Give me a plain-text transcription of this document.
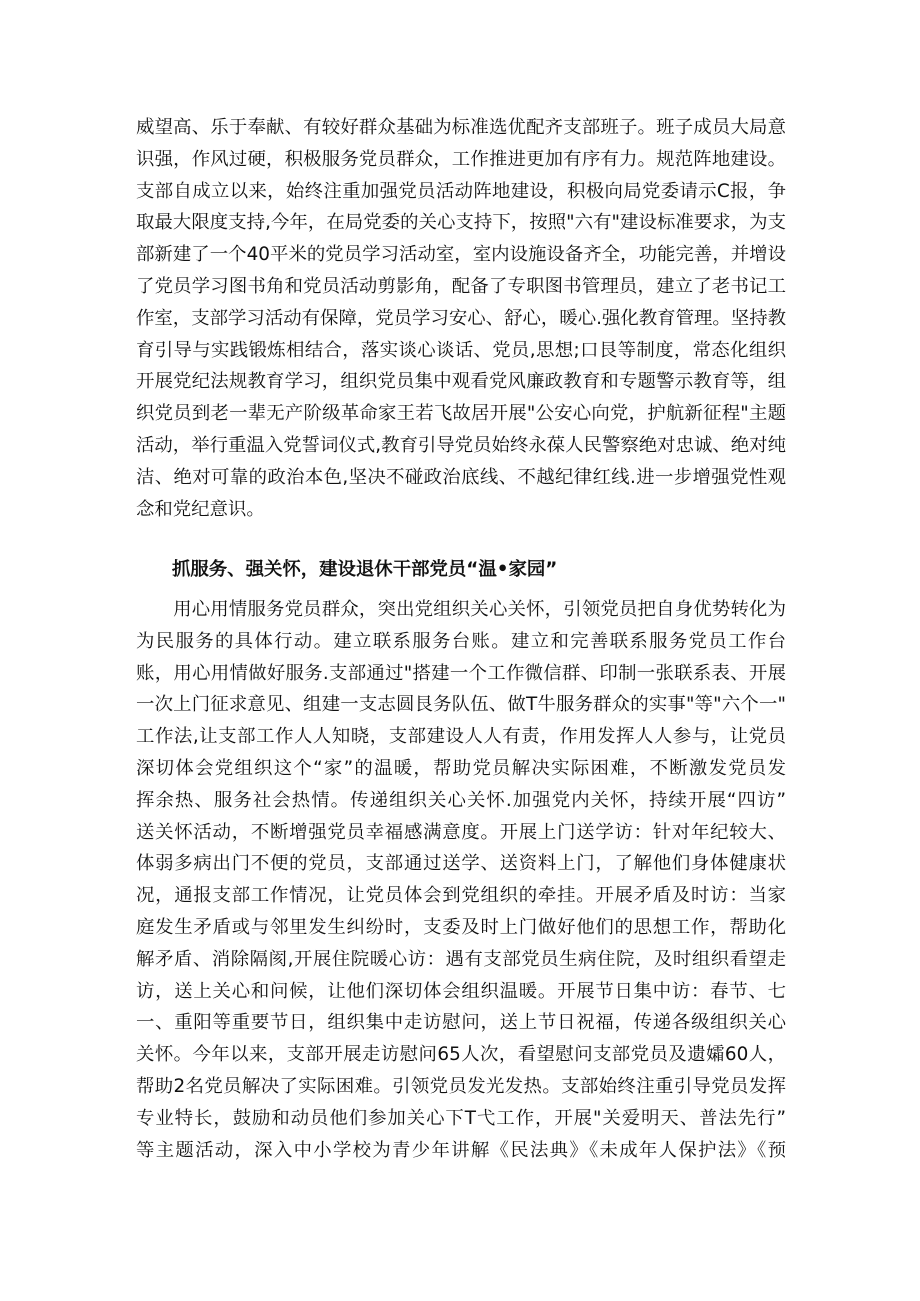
威望高、乐于奉献、有较好群众基础为标准选优配齐支部班子。班子成员大局意
识强，作风过硬，积极服务党员群众，工作推进更加有序有力。规范阵地建设。
支部自成立以来，始终注重加强党员活动阵地建设，积极向局党委请示C报，争
取最大限度支持,今年，在局党委的关心支持下，按照"六有"建设标准要求，为支
部新建了一个40平米的党员学习活动室，室内设施设备齐全，功能完善，并增设
了党员学习图书角和党员活动剪影角，配备了专职图书管理员，建立了老书记工
作室，支部学习活动有保障，党员学习安心、舒心，暖心.强化教育管理。坚持教
育引导与实践锻炼相结合，落实谈心谈话、党员,思想;口艮等制度，常态化组织
开展党纪法规教育学习，组织党员集中观看党风廉政教育和专题警示教育等，组
织党员到老一辈无产阶级革命家王若飞故居开展"公安心向党，护航新征程"主题
活动，举行重温入党誓词仪式,教育引导党员始终永葆人民警察绝对忠诚、绝对纯
洁、绝对可靠的政治本色,坚决不碰政治底线、不越纪律红线.进一步增强党性观
念和党纪意识。
抓服务、强关怀，建设退休干部党员“温•家园”
　　用心用情服务党员群众，突出党组织关心关怀，引领党员把自身优势转化为
为民服务的具体行动。建立联系服务台账。建立和完善联系服务党员工作台
账，用心用情做好服务.支部通过"搭建一个工作微信群、印制一张联系表、开展
一次上门征求意见、组建一支志圆艮务队伍、做T牛服务群众的实事"等"六个一"
工作法,让支部工作人人知晓，支部建设人人有责，作用发挥人人参与，让党员
深切体会党组织这个“家”的温暖，帮助党员解决实际困难，不断激发党员发
挥余热、服务社会热情。传递组织关心关怀.加强党内关怀，持续开展“四访”
送关怀活动，不断增强党员幸福感满意度。开展上门送学访：针对年纪较大、
体弱多病出门不便的党员，支部通过送学、送资料上门，了解他们身体健康状
况，通报支部工作情况，让党员体会到党组织的牵挂。开展矛盾及时访：当家
庭发生矛盾或与邻里发生纠纷时，支委及时上门做好他们的思想工作，帮助化
解矛盾、消除隔阂,开展住院暖心访：遇有支部党员生病住院，及时组织看望走
访，送上关心和问候，让他们深切体会组织温暖。开展节日集中访：春节、七
一、重阳等重要节日，组织集中走访慰问，送上节日祝福，传递各级组织关心
关怀。今年以来，支部开展走访慰问65人次，看望慰问支部党员及遗孀60人，
帮助2名党员解决了实际困难。引领党员发光发热。支部始终注重引导党员发挥
专业特长，鼓励和动员他们参加关心下T弋工作，开展"关爱明天、普法先行”
等主题活动，深入中小学校为青少年讲解《民法典》《未成年人保护法》《预
